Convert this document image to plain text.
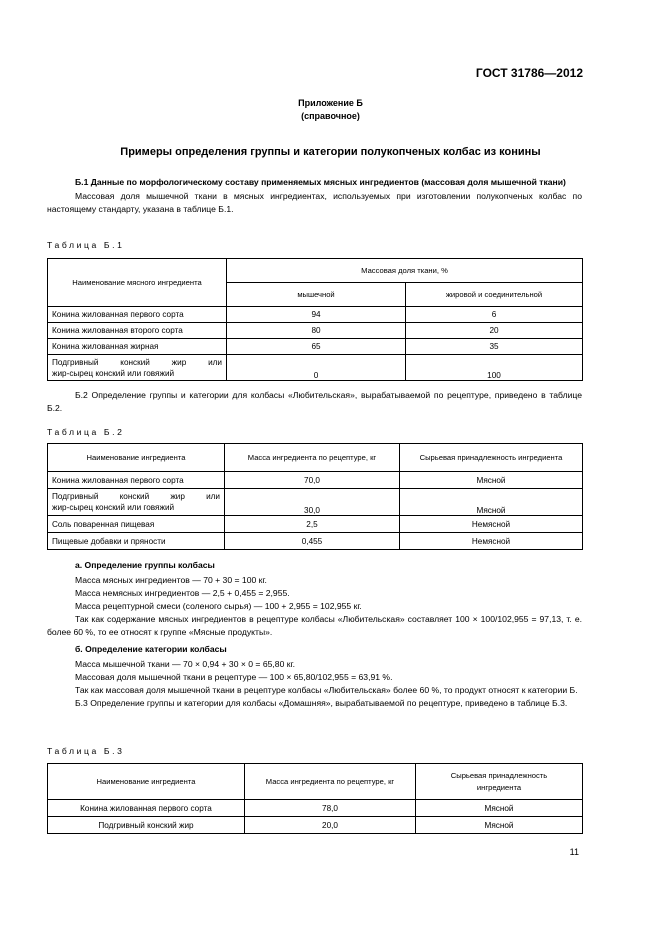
ГОСТ 31786—2012
Приложение Б
(справочное)
Примеры определения группы и категории полукопченых колбас из конины

Б.1 Данные по морфологическому составу применяемых мясных ингредиентов (массовая доля мышечной ткани)

Массовая доля мышечной ткани в мясных ингредиентах, используемых при изготовлении полукопченых колбас по настоящему стандарту, указана в таблице Б.1.

Таблица Б.1
Наименование мясного ингредиента	Массовая доля ткани, %	
	мышечной	жировой и соединительной
Конина жилованная первого сорта	94	6
Конина жилованная второго сорта	80	20
Конина жилованная жирная	65	35

Подгривный конский жир или
жир-сырец конский или говяжий	0	100

Б.2 Определение группы и категории для колбасы «Любительская», вырабатываемой по рецептуре, приведено в таблице Б.2.

Таблица Б.2
Наименование ингредиента	Масса ингредиента по рецептуре, кг	Сырьевая принадлежность ингредиента
Конина жилованная первого сорта	70,0	Мясной

Подгривный конский жир или
жир-сырец конский или говяжий	30,0	Мясной
Соль поваренная пищевая	2,5	Немясной
Пищевые добавки и пряности	0,455	Немясной

а. Определение группы колбасы

Масса мясных ингредиентов — 70 + 30 = 100 кг.

Масса немясных ингредиентов — 2,5 + 0,455 = 2,955.

Масса рецептурной смеси (соленого сырья) — 100 + 2,955 = 102,955 кг.

Так как содержание мясных ингредиентов в рецептуре колбасы «Любительская» составляет 100 × 100/102,955 = 97,13, т. е. более 60 %, то ее относят к группе «Мясные продукты».

б. Определение категории колбасы

Масса мышечной ткани — 70 × 0,94 + 30 × 0 = 65,80 кг.

Массовая доля мышечной ткани в рецептуре — 100 × 65,80/102,955 = 63,91 %.

Так как массовая доля мышечной ткани в рецептуре колбасы «Любительская» более 60 %, то продукт относят к категории Б.

Б.3 Определение группы и категории для колбасы «Домашняя», вырабатываемой по рецептуре, приведено в таблице Б.3.

Таблица Б.3
Наименование ингредиента	Масса ингредиента по рецептуре, кг	Сырьевая принадлежность
ингредиента

Конина жилованная первого сорта	78,0	Мясной
Подгривный конский жир	20,0	Мясной
11
